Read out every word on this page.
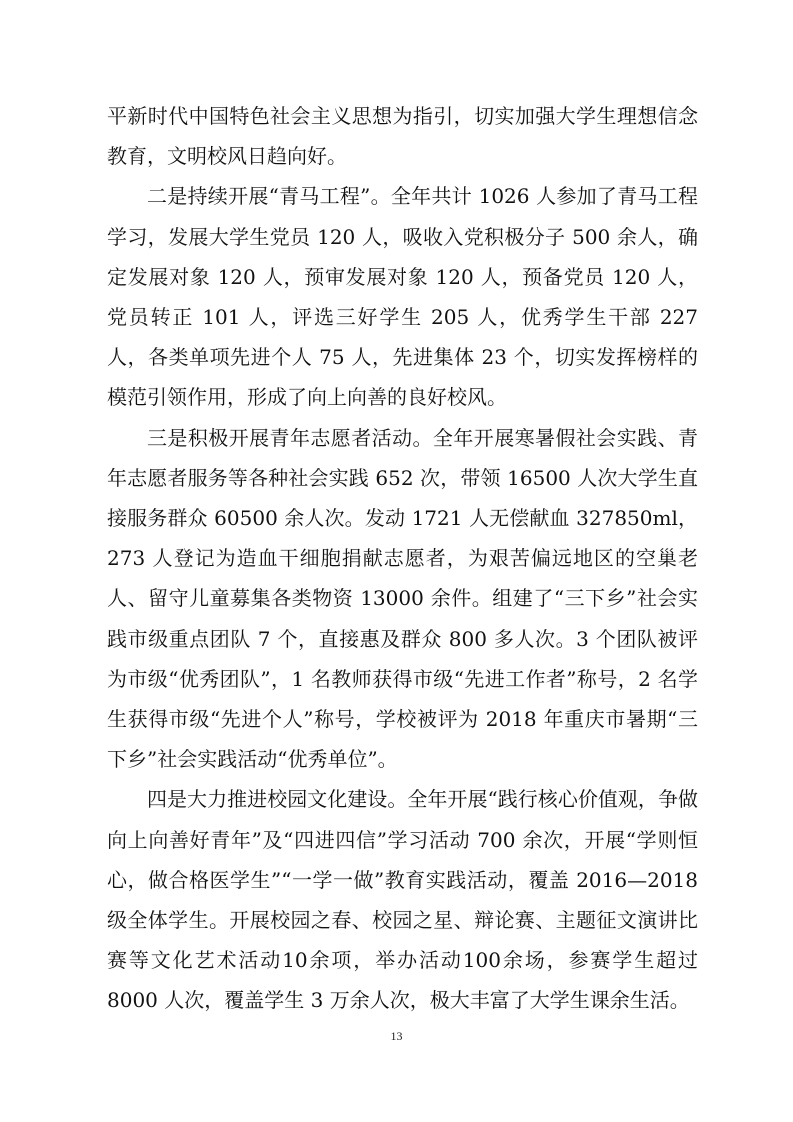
平新时代中国特色社会主义思想为指引，切实加强大学生理想信念教育，文明校风日趋向好。

二是持续开展“青马工程”。全年共计 1026 人参加了青马工程学习，发展大学生党员 120 人，吸收入党积极分子 500 余人，确定发展对象 120 人，预审发展对象 120 人，预备党员 120 人，党员转正 101 人，评选三好学生 205 人，优秀学生干部 227 人，各类单项先进个人 75 人，先进集体 23 个，切实发挥榜样的模范引领作用，形成了向上向善的良好校风。

三是积极开展青年志愿者活动。全年开展寒暑假社会实践、青年志愿者服务等各种社会实践 652 次，带领 16500 人次大学生直接服务群众 60500 余人次。发动 1721 人无偿献血 327850ml，273 人登记为造血干细胞捐献志愿者，为艰苦偏远地区的空巢老人、留守儿童募集各类物资 13000 余件。组建了“三下乡”社会实践市级重点团队 7 个，直接惠及群众 800 多人次。3 个团队被评为市级“优秀团队”，1 名教师获得市级“先进工作者”称号，2 名学生获得市级“先进个人”称号，学校被评为 2018 年重庆市暑期“三下乡”社会实践活动“优秀单位”。

四是大力推进校园文化建设。全年开展“践行核心价值观，争做向上向善好青年”及“四进四信”学习活动 700 余次，开展“学则恒心，做合格医学生”“一学一做”教育实践活动，覆盖 2016—2018 级全体学生。开展校园之春、校园之星、辩论赛、主题征文演讲比赛等文化艺术活动10余项，举办活动100余场，参赛学生超过 8000 人次，覆盖学生 3 万余人次，极大丰富了大学生课余生活。

13
